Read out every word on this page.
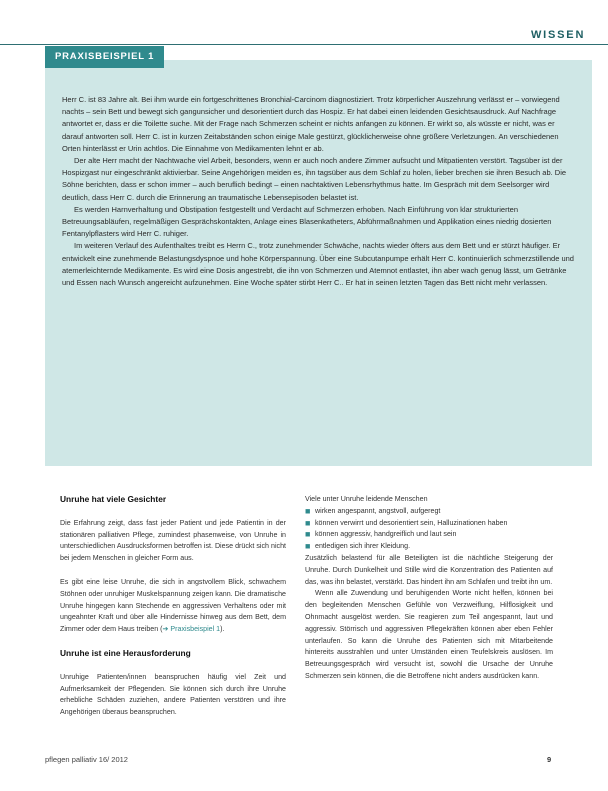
WISSEN
PRAXISBEISPIEL 1

Herr C. ist 83 Jahre alt. Bei ihm wurde ein fortgeschrittenes Bronchial-Carcinom diagnostiziert. Trotz körperlicher Auszehrung verlässt er – vorwiegend nachts – sein Bett und bewegt sich gangunsicher und desorientiert durch das Hospiz. Er hat dabei einen leidenden Gesichtsausdruck. Auf Nachfrage antwortet er, dass er die Toilette suche. Mit der Frage nach Schmerzen scheint er nichts anfangen zu können. Er wirkt so, als wüsste er nicht, was er darauf antworten soll. Herr C. ist in kurzen Zeitabständen schon einige Male gestürzt, glücklicherweise ohne größere Verletzungen. An verschiedenen Orten hinterlässt er Urin achtlos. Die Einnahme von Medikamenten lehnt er ab.

Der alte Herr macht der Nachtwache viel Arbeit, besonders, wenn er auch noch andere Zimmer aufsucht und Mitpatienten verstört. Tagsüber ist der Hospizgast nur eingeschränkt aktivierbar. Seine Angehörigen meiden es, ihn tagsüber aus dem Schlaf zu holen, lieber brechen sie ihren Besuch ab. Die Söhne berichten, dass er schon immer – auch beruflich bedingt – einen nachtaktiven Lebensrhythmus hatte. Im Gespräch mit dem Seelsorger wird deutlich, dass Herr C. durch die Erinnerung an traumatische Lebensepisoden belastet ist.

Es werden Harnverhaltung und Obstipation festgestellt und Verdacht auf Schmerzen erhoben. Nach Einführung von klar strukturierten Betreuungsabläufen, regelmäßigen Gesprächskontakten, Anlage eines Blasenkatheters, Abführmaßnahmen und Applikation eines niedrig dosierten Fentanylpflasters wird Herr C. ruhiger.

Im weiteren Verlauf des Aufenthaltes treibt es Herrn C., trotz zunehmender Schwäche, nachts wieder öfters aus dem Bett und er stürzt häufiger. Er entwickelt eine zunehmende Belastungsdyspnoe und hohe Körperspannung. Über eine Subcutanpumpe erhält Herr C. kontinuierlich schmerzstillende und atemerleichternde Medikamente. Es wird eine Dosis angestrebt, die ihn von Schmerzen und Atemnot entlastet, ihn aber wach genug lässt, um Getränke und Essen nach Wunsch angereicht aufzunehmen. Eine Woche später stirbt Herr C.. Er hat in seinen letzten Tagen das Bett nicht mehr verlassen.

Unruhe hat viele Gesichter

Die Erfahrung zeigt, dass fast jeder Patient und jede Patientin in der stationären palliativen Pflege, zumindest phasenweise, von Unruhe in unterschiedlichen Ausdrucksformen betroffen ist. Diese drückt sich nicht bei jedem Menschen in gleicher Form aus.

Es gibt eine leise Unruhe, die sich in angstvollem Blick, schwachem Stöhnen oder unruhiger Muskelspannung zeigen kann. Die dramatische Unruhe hingegen kann Stechende en aggressiven Verhaltens oder mit ungeahnter Kraft und über alle Hindernisse hinweg aus dem Bett, dem Zimmer oder dem Haus treiben (➔ Praxisbeispiel 1).

Unruhe ist eine Herausforderung

Unruhige Patienten/innen beanspruchen häufig viel Zeit und Aufmerksamkeit der Pflegenden. Sie können sich durch ihre Unruhe erhebliche Schäden zuziehen, andere Patienten verstören und ihre Angehörigen überaus beanspruchen.

Viele unter Unruhe leidende Menschen

■ wirken angespannt, angstvoll, aufgeregt
■ können verwirrt und desorientiert sein, Halluzinationen haben
■ können aggressiv, handgreiflich und laut sein
■ entledigen sich ihrer Kleidung.

Zusätzlich belastend für alle Beteiligten ist die nächtliche Steigerung der Unruhe. Durch Dunkelheit und Stille wird die Konzentration des Patienten auf das, was ihn belastet, verstärkt. Das hindert ihn am Schlafen und treibt ihn um.

Wenn alle Zuwendung und beruhigenden Worte nicht helfen, können bei den begleitenden Menschen Gefühle von Verzweiflung, Hilflosigkeit und Ohnmacht ausgelöst werden. Sie reagieren zum Teil angespannt, laut und aggressiv. Störrisch und aggressiven Pflegekräften können aber eben Fehler unterlaufen. So kann die Unruhe des Patienten sich mit Mitarbeitende hintereits ausstrahlen und unter Umständen einen Teufelskreis auslösen. Im Betreuungsgespräch wird versucht ist, sowohl die Ursache der Unruhe Schmerzen sein können, die die Betroffene nicht anders ausdrücken kann.

pflegen palliativ 16/ 2012	9
